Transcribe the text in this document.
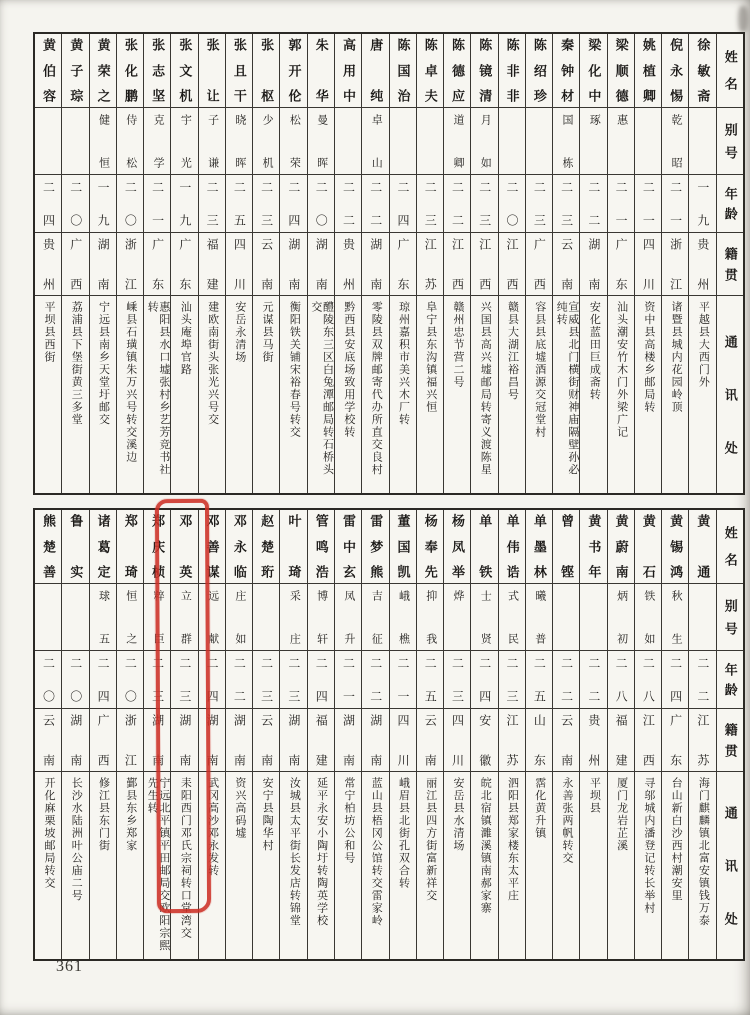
姓
名
别
号
年
龄
籍
贯
通
讯
处
徐
敏
斋
一
九
贵
州
平越县大西门外
倪
永
惕
乾
昭
二
一
浙
江
诸暨县城内花园岭顶
姚
植
卿
二
一
四
川
资中县高楼乡邮局转
梁
顺
德
惠
二
一
广
东
汕头潮安竹木门外梁广记
梁
化
中
琢
二
二
湖
南
安化蓝田巨成斋转
秦
钟
材
国
栋
二
三
云
南
宣威县北门横街财神庙隔壁孙必纯转
陈
绍
珍
二
三
广
西
容县县底墟酒源交冠堂村
陈
非
非
二
〇
江
西
赣县大湖江裕昌号
陈
镜
清
月
如
二
三
江
西
兴国县高兴墟邮局转寄义渡陈星
陈
德
应
道
卿
二
二
江
西
赣州忠节营二号
陈
卓
夫
二
三
江
苏
阜宁县东沟镇福兴恒
陈
国
治
二
四
广
东
琼州嘉积市美兴木厂转
唐
纯
卓
山
二
二
湖
南
零陵县双牌邮寄代办所直交良村
高
用
中
二
二
贵
州
黔西县安底场致用学校转
朱
华
曼
晖
二
〇
湖
南
醴陵东三区白兔潭邮局转石桥头交
郭
开
伦
松
荣
二
四
湖
南
衡阳铁关铺宋裕春号转交
张
枢
少
机
二
三
云
南
元谋县马街
张
且
干
晓
晖
二
五
四
川
安岳永清场
张
让
子
谦
二
三
福
建
建欧南街头张光兴号交
张
文
机
宇
光
一
九
广
东
汕头庵埠官路
张
志
坚
克
学
二
一
广
东
惠阳县水口墟张村乡艺芳竞书社转
张
化
鹏
侍
松
二
〇
浙
江
嵊县石璜镇朱万兴号转交溪边
黄
荣
之
健
恒
一
九
湖
南
宁远县南乡天堂圩邮交
黄
子
琮
二
〇
广
西
荔浦县下堡街黄三多堂
黄
伯
容
二
四
贵
州
平坝县西街
姓
名
别
号
年
龄
籍
贯
通
讯
处
黄
通
二
二
江
苏
海门麒麟镇北富安镇钱万泰
黄
锡
鸿
秋
生
二
四
广
东
台山新白沙西村潮安里
黄
石
铁
如
二
八
江
西
寻邬城内潘登记转长举村
黄
蔚
南
炳
初
二
八
福
建
厦门龙岩芷溪
黄
书
年
二
二
贵
州
平坝县
曾
铿
二
二
云
南
永善张两帆转交
单
墨
林
曦
普
二
五
山
东
霑化黄升镇
单
伟
诰
式
民
二
三
江
苏
泗阳县郑家楼东太平庄
单
铁
士
贤
二
四
安
徽
皖北宿镇濉溪镇南郝家寨
杨
凤
举
烨
二
三
四
川
安岳县水清场
杨
奉
先
抑
我
二
五
云
南
丽江县四方街富新祥交
董
国
凯
峨
樵
二
一
四
川
峨眉县北街孔双合转
雷
梦
熊
吉
征
二
二
湖
南
蓝山县梧冈公馆转交雷家岭
雷
中
玄
凤
升
二
一
湖
南
常宁柏坊公和号
管
鸣
浩
博
轩
二
四
福
建
延平永安小陶圩转陶英学校
叶
琦
采
庄
二
三
湖
南
汝城县太平街长发店转锦堂
赵
楚
珩
二
三
云
南
安宁县陶华村
邓
永
临
庄
如
二
二
湖
南
资兴高码墟
邓
善
谋
远
献
二
四
湖
南
武冈高沙邓永发转
邓
英
立
群
二
三
湖
南
耒阳西门邓氏宗祠转口堂湾交
郑
庆
桢
粹
臣
二
三
湖
南
宁远北平镇平田邮局交欧阳宗熙先生转
郑
琦
恒
之
二
〇
浙
江
鄞县东乡郑家
诸
葛
定
球
五
二
四
广
西
修江县东门街
鲁
实
二
〇
湖
南
长沙水陆洲叶公庙二号
熊
楚
善
二
〇
云
南
开化麻栗坡邮局转交
361
